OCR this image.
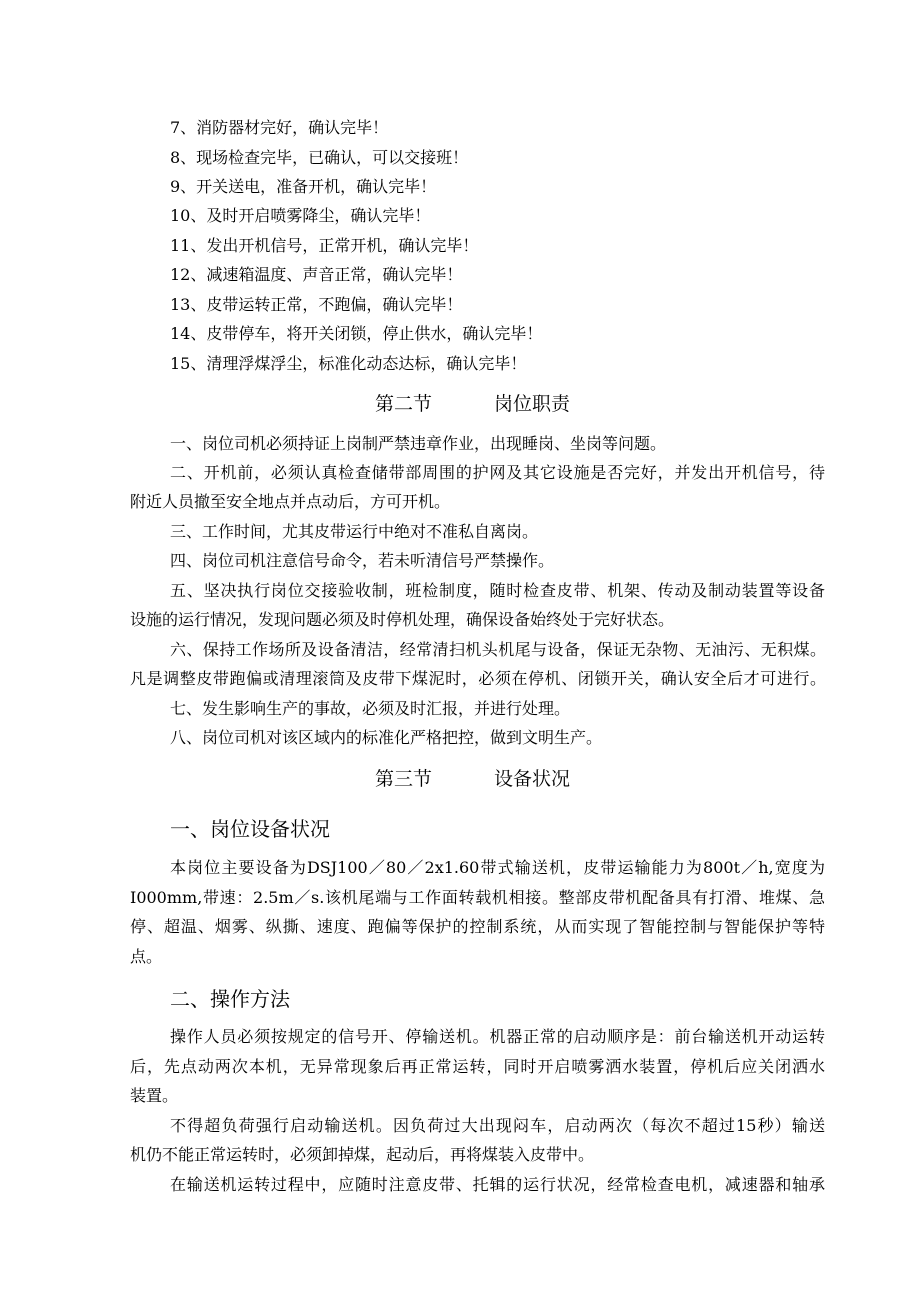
7、消防器材完好，确认完毕！
8、现场检查完毕，已确认，可以交接班！
9、开关送电，准备开机，确认完毕！
10、及时开启喷雾降尘，确认完毕！
11、发出开机信号，正常开机，确认完毕！
12、减速箱温度、声音正常，确认完毕！
13、皮带运转正常，不跑偏，确认完毕！
14、皮带停车，将开关闭锁，停止供水，确认完毕！
15、清理浮煤浮尘，标准化动态达标，确认完毕！
第二节	岗位职责
一、岗位司机必须持证上岗制严禁违章作业，出现睡岗、坐岗等问题。
二、开机前，必须认真检查储带部周围的护网及其它设施是否完好，并发出开机信号，待
附近人员撤至安全地点并点动后，方可开机。
三、工作时间，尤其皮带运行中绝对不准私自离岗。
四、岗位司机注意信号命令，若未听清信号严禁操作。
五、坚决执行岗位交接验收制，班检制度，随时检查皮带、机架、传动及制动装置等设备
设施的运行情况，发现问题必须及时停机处理，确保设备始终处于完好状态。
六、保持工作场所及设备清洁，经常清扫机头机尾与设备，保证无杂物、无油污、无积煤。
凡是调整皮带跑偏或清理滚筒及皮带下煤泥时，必须在停机、闭锁开关，确认安全后才可进行。
七、发生影响生产的事故，必须及时汇报，并进行处理。
八、岗位司机对该区域内的标准化严格把控，做到文明生产。
第三节	设备状况
一、岗位设备状况
本岗位主要设备为DSJ100／80／2x1.60带式输送机，皮带运输能力为800t／h,宽度为
I000mm,带速：2.5m／s.该机尾端与工作面转载机相接。整部皮带机配备具有打滑、堆煤、急
停、超温、烟雾、纵撕、速度、跑偏等保护的控制系统，从而实现了智能控制与智能保护等特
点。
二、操作方法
操作人员必须按规定的信号开、停输送机。机器正常的启动顺序是：前台输送机开动运转
后，先点动两次本机，无异常现象后再正常运转，同时开启喷雾洒水装置，停机后应关闭洒水
装置。
不得超负荷强行启动输送机。因负荷过大出现闷车，启动两次（每次不超过15秒）输送
机仍不能正常运转时，必须卸掉煤，起动后，再将煤装入皮带中。
在输送机运转过程中，应随时注意皮带、托辑的运行状况，经常检查电机，减速器和轴承
